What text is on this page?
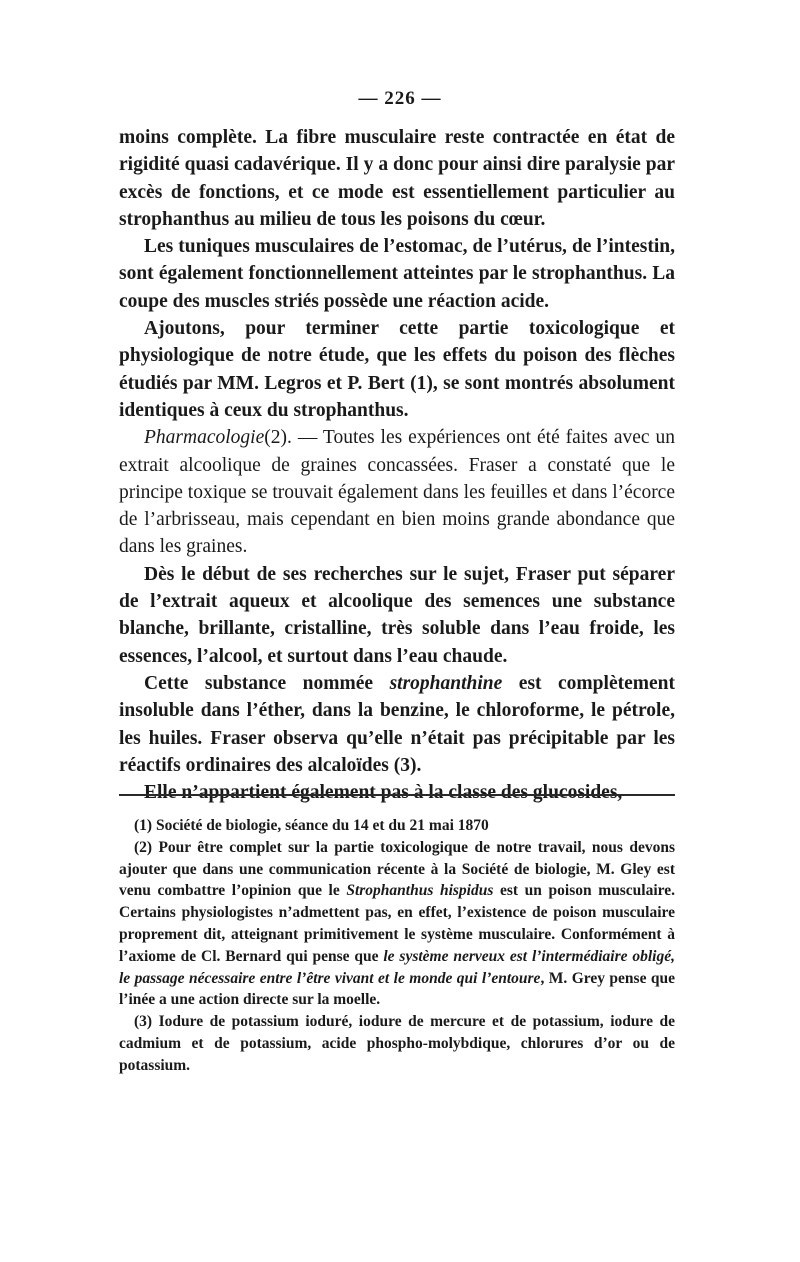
— 226 —

moins complète. La fibre musculaire reste contractée en état de rigidité quasi cadavérique. Il y a donc pour ainsi dire paralysie par excès de fonctions, et ce mode est essentiellement particulier au strophanthus au milieu de tous les poisons du cœur.

Les tuniques musculaires de l’estomac, de l’utérus, de l’intestin, sont également fonctionnellement atteintes par le strophanthus. La coupe des muscles striés possède une réaction acide.

Ajoutons, pour terminer cette partie toxicologique et physiologique de notre étude, que les effets du poison des flèches étudiés par MM. Legros et P. Bert (1), se sont montrés absolument identiques à ceux du strophanthus.

Pharmacologie(2). — Toutes les expériences ont été faites avec un extrait alcoolique de graines concassées. Fraser a constaté que le principe toxique se trouvait également dans les feuilles et dans l’écorce de l’arbrisseau, mais cependant en bien moins grande abondance que dans les graines.

Dès le début de ses recherches sur le sujet, Fraser put séparer de l’extrait aqueux et alcoolique des semences une substance blanche, brillante, cristalline, très soluble dans l’eau froide, les essences, l’alcool, et surtout dans l’eau chaude.

Cette substance nommée strophanthine est complètement insoluble dans l’éther, dans la benzine, le chloroforme, le pétrole, les huiles. Fraser observa qu’elle n’était pas précipitable par les réactifs ordinaires des alcaloïdes (3).

Elle n’appartient également pas à la classe des glucosides,

(1) Société de biologie, séance du 14 et du 21 mai 1870

(2) Pour être complet sur la partie toxicologique de notre travail, nous devons ajouter que dans une communication récente à la Société de biologie, M. Gley est venu combattre l’opinion que le Strophanthus hispidus est un poison musculaire. Certains physiologistes n’admettent pas, en effet, l’existence de poison musculaire proprement dit, atteignant primitivement le système musculaire. Conformément à l’axiome de Cl. Bernard qui pense que le système nerveux est l’intermédiaire obligé, le passage nécessaire entre l’être vivant et le monde qui l’entoure, M. Grey pense que l’inée a une action directe sur la moelle.

(3) Iodure de potassium ioduré, iodure de mercure et de potassium, iodure de cadmium et de potassium, acide phospho-molybdique, chlorures d’or ou de potassium.
